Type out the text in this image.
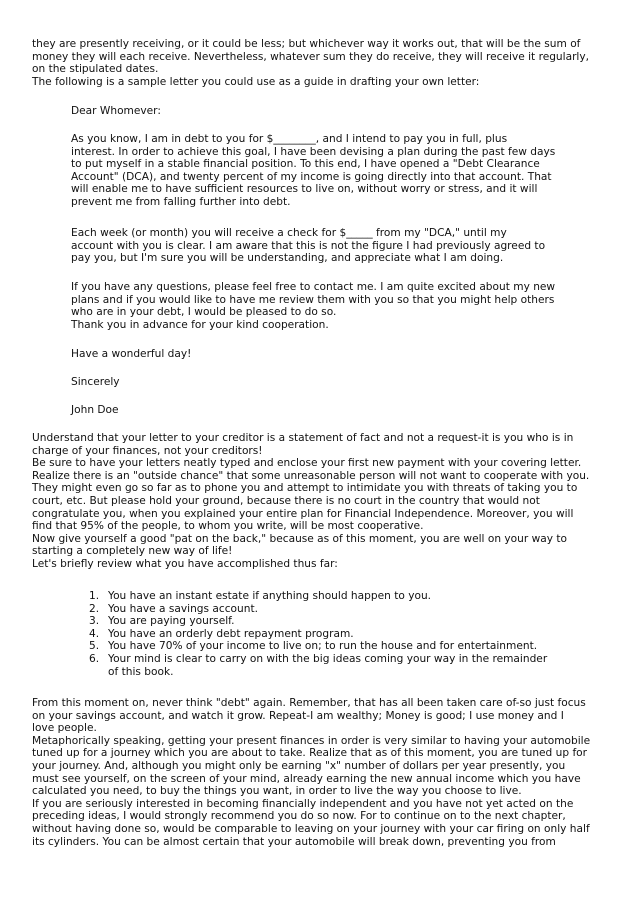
they are presently receiving, or it could be less; but whichever way it works out, that will be the sum of

money they will each receive. Nevertheless, whatever sum they do receive, they will receive it regularly,

on the stipulated dates.

The following is a sample letter you could use as a guide in drafting your own letter:

Dear Whomever:

As you know, I am in debt to you for $________, and I intend to pay you in full, plus

interest. In order to achieve this goal, I have been devising a plan during the past few days

to put myself in a stable financial position. To this end, I have opened a "Debt Clearance

Account" (DCA), and twenty percent of my income is going directly into that account. That

will enable me to have sufficient resources to live on, without worry or stress, and it will

prevent me from falling further into debt.

Each week (or month) you will receive a check for $_____ from my "DCA," until my

account with you is clear. I am aware that this is not the figure I had previously agreed to

pay you, but I'm sure you will be understanding, and appreciate what I am doing.

If you have any questions, please feel free to contact me. I am quite excited about my new

plans and if you would like to have me review them with you so that you might help others

who are in your debt, I would be pleased to do so.

Thank you in advance for your kind cooperation.

Have a wonderful day!

Sincerely

John Doe

Understand that your letter to your creditor is a statement of fact and not a request-it is you who is in

charge of your finances, not your creditors!

Be sure to have your letters neatly typed and enclose your first new payment with your covering letter.

Realize there is an "outside chance" that some unreasonable person will not want to cooperate with you.

They might even go so far as to phone you and attempt to intimidate you with threats of taking you to

court, etc. But please hold your ground, because there is no court in the country that would not

congratulate you, when you explained your entire plan for Financial Independence. Moreover, you will

find that 95% of the people, to whom you write, will be most cooperative.

Now give yourself a good "pat on the back," because as of this moment, you are well on your way to

starting a completely new way of life!

Let's briefly review what you have accomplished thus far:

1. You have an instant estate if anything should happen to you.
2. You have a savings account.
3. You are paying yourself.
4. You have an orderly debt repayment program.
5. You have 70% of your income to live on; to run the house and for entertainment.
6. Your mind is clear to carry on with the big ideas coming your way in the remainder
of this book.

From this moment on, never think "debt" again. Remember, that has all been taken care of-so just focus

on your savings account, and watch it grow. Repeat-I am wealthy; Money is good; I use money and I

love people.

Metaphorically speaking, getting your present finances in order is very similar to having your automobile

tuned up for a journey which you are about to take. Realize that as of this moment, you are tuned up for

your journey. And, although you might only be earning "x" number of dollars per year presently, you

must see yourself, on the screen of your mind, already earning the new annual income which you have

calculated you need, to buy the things you want, in order to live the way you choose to live.

If you are seriously interested in becoming financially independent and you have not yet acted on the

preceding ideas, I would strongly recommend you do so now. For to continue on to the next chapter,

without having done so, would be comparable to leaving on your journey with your car firing on only half

its cylinders. You can be almost certain that your automobile will break down, preventing you from
